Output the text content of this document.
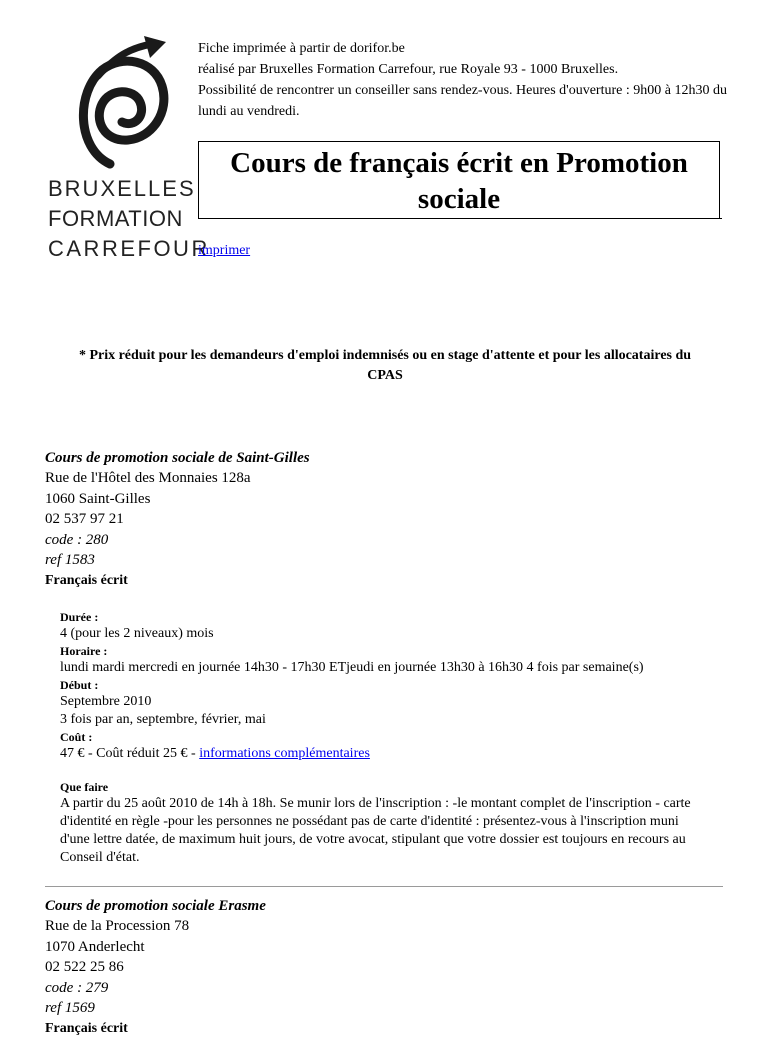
BRUXELLES
FORMATION
CARREFOUR
Fiche imprimée à partir de dorifor.be
réalisé par Bruxelles Formation Carrefour, rue Royale 93 - 1000 Bruxelles.
Possibilité de rencontrer un conseiller sans rendez-vous. Heures d'ouverture : 9h00 à 12h30 du lundi au vendredi.
Cours de français écrit en Promotion sociale
imprimer
* Prix réduit pour les demandeurs d'emploi indemnisés ou en stage d'attente et pour les allocataires du CPAS
Cours de promotion sociale de Saint-Gilles
Rue de l'Hôtel des Monnaies 128a
1060 Saint-Gilles
02 537 97 21
code : 280
ref 1583
Français écrit
Durée :
4 (pour les 2 niveaux) mois
Horaire :
lundi mardi mercredi en journée 14h30 - 17h30 ETjeudi en journée 13h30 à 16h30 4 fois par semaine(s)
Début :
Septembre 2010
3 fois par an, septembre, février, mai
Coût :
47 € - Coût réduit 25 € - informations complémentaires
Que faire
A partir du 25 août 2010 de 14h à 18h. Se munir lors de l'inscription : -le montant complet de l'inscription - carte d'identité en règle -pour les personnes ne possédant pas de carte d'identité : présentez-vous à l'inscription muni d'une lettre datée, de maximum huit jours, de votre avocat, stipulant que votre dossier est toujours en recours au Conseil d'état.
Cours de promotion sociale Erasme
Rue de la Procession 78
1070 Anderlecht
02 522 25 86
code : 279
ref 1569
Français écrit
